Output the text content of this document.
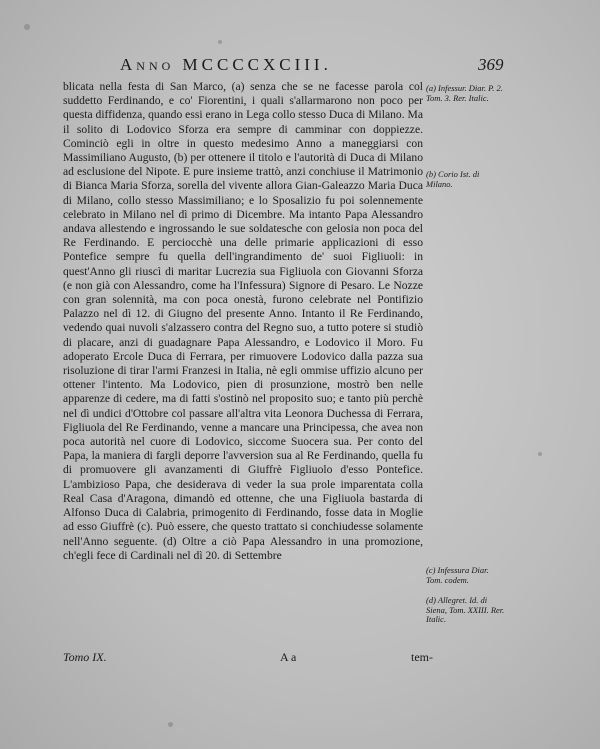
Anno MCCCCXCIII.	369
blicata nella festa di San Marco, (a) senza che se ne facesse parola col suddetto Ferdinando, e co' Fiorentini, i quali s'allarmarono non poco per questa diffidenza, quando essi erano in Lega collo stesso Duca di Milano. Ma il solito di Lodovico Sforza era sempre di camminar con doppiezze. Cominciò egli in oltre in questo medesimo Anno a maneggiarsi con Massimiliano Augusto, (b) per ottenere il titolo e l'autorità di Duca di Milano ad esclusione del Nipote. E pure insieme trattò, anzi conchiuse il Matrimonio di Bianca Maria Sforza, sorella del vivente allora Gian-Galeazzo Maria Duca di Milano, collo stesso Massimiliano; e lo Sposalizio fu poi solennemente celebrato in Milano nel dì primo di Dicembre. Ma intanto Papa Alessandro andava allestendo e ingrossando le sue soldatesche con gelosia non poca del Re Ferdinando. E perciocchè una delle primarie applicazioni di esso Pontefice sempre fu quella dell'ingrandimento de' suoi Figliuoli: in quest'Anno gli riuscì di maritar Lucrezia sua Figliuola con Giovanni Sforza (e non già con Alessandro, come ha l'Infessura) Signore di Pesaro. Le Nozze con gran solennità, ma con poca onestà, furono celebrate nel Pontifizio Palazzo nel dì 12. di Giugno del presente Anno. Intanto il Re Ferdinando, vedendo quai nuvoli s'alzassero contra del Regno suo, a tutto potere si studiò di placare, anzi di guadagnare Papa Alessandro, e Lodovico il Moro. Fu adoperato Ercole Duca di Ferrara, per rimuovere Lodovico dalla pazza sua risoluzione di tirar l'armi Franzesi in Italia, nè egli ommise uffizio alcuno per ottener l'intento. Ma Lodovico, pien di prosunzione, mostrò ben nelle apparenze di cedere, ma di fatti s'ostinò nel proposito suo; e tanto più perchè nel dì undici d'Ottobre col passare all'altra vita Leonora Duchessa di Ferrara, Figliuola del Re Ferdinando, venne a mancare una Principessa, che avea non poca autorità nel cuore di Lodovico, siccome Suocera sua. Per conto del Papa, la maniera di fargli deporre l'avversion sua al Re Ferdinando, quella fu di promuovere gli avanzamenti di Giuffrè Figliuolo d'esso Pontefice. L'ambizioso Papa, che desiderava di veder la sua prole imparentata colla Real Casa d'Aragona, dimandò ed ottenne, che una Figliuola bastarda di Alfonso Duca di Calabria, primogenito di Ferdinando, fosse data in Moglie ad esso Giuffrè (c). Può essere, che questo trattato si conchiudesse solamente nell'Anno seguente. (d) Oltre a ciò Papa Alessandro in una promozione, ch'egli fece di Cardinali nel dì 20. di Settembre
(a) Infessur. Diar. P. 2. Tom. 3. Rer. Italic.
(b) Corio Ist. di Milano.
(c) Infessura Diar. Tom. codem.
(d) Allegret. Id. di Siena, Tom. XXIII. Rer. Italic.
Tomo IX.	A a	tem-
